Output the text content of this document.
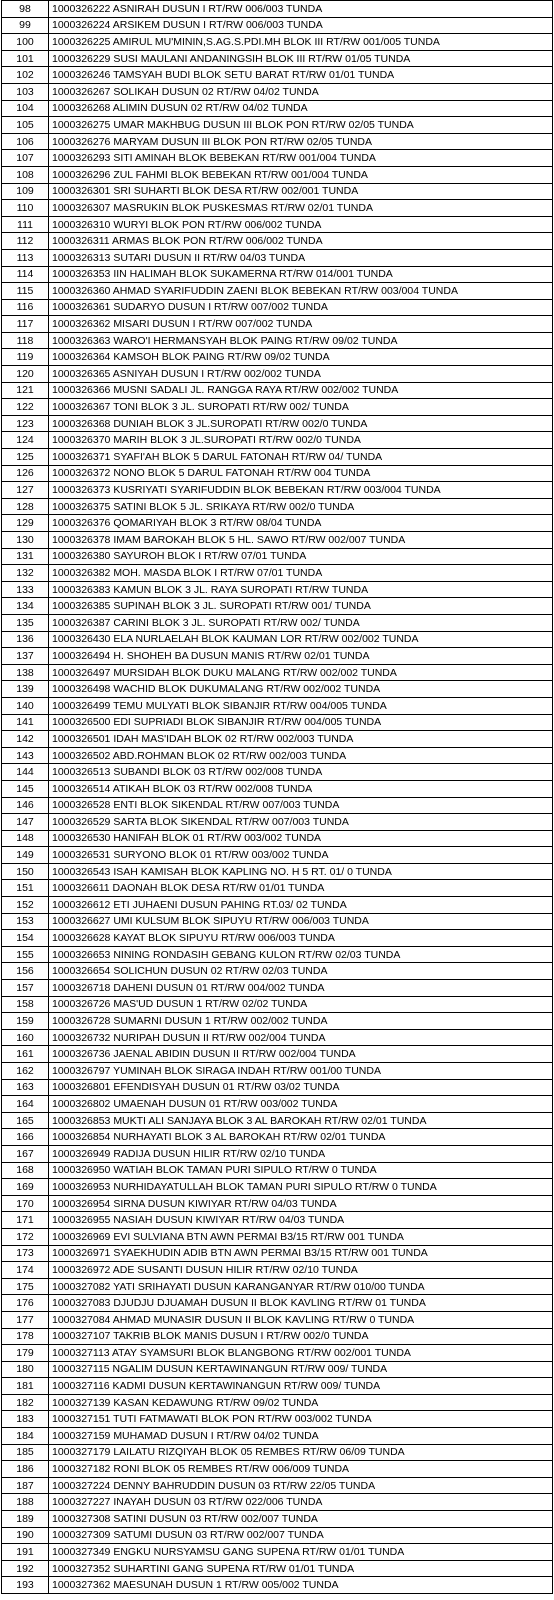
98	1000326222 ASNIRAH DUSUN I RT/RW 006/003 TUNDA
99	1000326224 ARSIKEM DUSUN I RT/RW 006/003 TUNDA
100	1000326225 AMIRUL MU'MININ,S.AG.S.PDI.MH BLOK III RT/RW 001/005 TUNDA
101	1000326229 SUSI MAULANI ANDANINGSIH BLOK III RT/RW 01/05 TUNDA
102	1000326246 TAMSYAH BUDI BLOK SETU BARAT RT/RW 01/01 TUNDA
103	1000326267 SOLIKAH DUSUN 02 RT/RW 04/02 TUNDA
104	1000326268 ALIMIN DUSUN 02 RT/RW 04/02 TUNDA
105	1000326275 UMAR MAKHBUG DUSUN III BLOK PON RT/RW 02/05 TUNDA
106	1000326276 MARYAM DUSUN III BLOK PON RT/RW 02/05 TUNDA
107	1000326293 SITI AMINAH BLOK BEBEKAN RT/RW 001/004 TUNDA
108	1000326296 ZUL FAHMI BLOK BEBEKAN RT/RW 001/004 TUNDA
109	1000326301 SRI SUHARTI BLOK DESA RT/RW 002/001 TUNDA
110	1000326307 MASRUKIN BLOK PUSKESMAS RT/RW 02/01 TUNDA
111	1000326310 WURYI BLOK PON RT/RW 006/002 TUNDA
112	1000326311 ARMAS BLOK PON RT/RW 006/002 TUNDA
113	1000326313 SUTARI DUSUN II RT/RW 04/03 TUNDA
114	1000326353 IIN HALIMAH BLOK SUKAMERNA RT/RW 014/001 TUNDA
115	1000326360 AHMAD SYARIFUDDIN ZAENI BLOK BEBEKAN RT/RW 003/004 TUNDA
116	1000326361 SUDARYO DUSUN I RT/RW 007/002 TUNDA
117	1000326362 MISARI DUSUN I RT/RW 007/002 TUNDA
118	1000326363 WARO'I HERMANSYAH BLOK PAING RT/RW 09/02 TUNDA
119	1000326364 KAMSOH BLOK PAING RT/RW 09/02 TUNDA
120	1000326365 ASNIYAH DUSUN I RT/RW 002/002 TUNDA
121	1000326366 MUSNI SADALI JL. RANGGA RAYA RT/RW 002/002 TUNDA
122	1000326367 TONI BLOK 3 JL. SUROPATI RT/RW 002/ TUNDA
123	1000326368 DUNIAH BLOK 3 JL.SUROPATI RT/RW 002/0 TUNDA
124	1000326370 MARIH BLOK 3 JL.SUROPATI RT/RW 002/0 TUNDA
125	1000326371 SYAFI'AH BLOK 5 DARUL FATONAH RT/RW 04/ TUNDA
126	1000326372 NONO BLOK 5 DARUL FATONAH RT/RW 004 TUNDA
127	1000326373 KUSRIYATI SYARIFUDDIN BLOK BEBEKAN RT/RW 003/004 TUNDA
128	1000326375 SATINI BLOK 5 JL. SRIKAYA RT/RW 002/0 TUNDA
129	1000326376 QOMARIYAH BLOK 3 RT/RW 08/04 TUNDA
130	1000326378 IMAM BAROKAH BLOK 5 HL. SAWO RT/RW 002/007 TUNDA
131	1000326380 SAYUROH BLOK I RT/RW 07/01 TUNDA
132	1000326382 MOH. MASDA BLOK I RT/RW 07/01 TUNDA
133	1000326383 KAMUN BLOK 3 JL. RAYA SUROPATI RT/RW TUNDA
134	1000326385 SUPINAH BLOK 3 JL. SUROPATI RT/RW 001/ TUNDA
135	1000326387 CARINI BLOK 3 JL. SUROPATI RT/RW 002/ TUNDA
136	1000326430 ELA NURLAELAH BLOK KAUMAN LOR RT/RW 002/002 TUNDA
137	1000326494 H. SHOHEH BA DUSUN MANIS RT/RW 02/01 TUNDA
138	1000326497 MURSIDAH BLOK DUKU MALANG RT/RW 002/002 TUNDA
139	1000326498 WACHID BLOK DUKUMALANG RT/RW 002/002 TUNDA
140	1000326499 TEMU MULYATI BLOK SIBANJIR RT/RW 004/005 TUNDA
141	1000326500 EDI SUPRIADI BLOK SIBANJIR RT/RW 004/005 TUNDA
142	1000326501 IDAH MAS'IDAH BLOK 02 RT/RW 002/003 TUNDA
143	1000326502 ABD.ROHMAN BLOK 02 RT/RW 002/003 TUNDA
144	1000326513 SUBANDI BLOK 03 RT/RW 002/008 TUNDA
145	1000326514 ATIKAH BLOK 03 RT/RW 002/008 TUNDA
146	1000326528 ENTI BLOK SIKENDAL RT/RW 007/003 TUNDA
147	1000326529 SARTA BLOK SIKENDAL RT/RW 007/003 TUNDA
148	1000326530 HANIFAH BLOK 01 RT/RW 003/002 TUNDA
149	1000326531 SURYONO BLOK 01 RT/RW 003/002 TUNDA
150	1000326543 ISAH KAMISAH BLOK KAPLING NO. H 5 RT. 01/ 0 TUNDA
151	1000326611 DAONAH BLOK DESA RT/RW 01/01 TUNDA
152	1000326612 ETI JUHAENI DUSUN PAHING RT.03/ 02 TUNDA
153	1000326627 UMI KULSUM BLOK SIPUYU RT/RW 006/003 TUNDA
154	1000326628 KAYAT BLOK SIPUYU RT/RW 006/003 TUNDA
155	1000326653 NINING RONDASIH GEBANG KULON RT/RW 02/03 TUNDA
156	1000326654 SOLICHUN DUSUN 02 RT/RW 02/03 TUNDA
157	1000326718 DAHENI DUSUN 01 RT/RW 004/002 TUNDA
158	1000326726 MAS'UD DUSUN 1 RT/RW 02/02 TUNDA
159	1000326728 SUMARNI DUSUN 1 RT/RW 002/002 TUNDA
160	1000326732 NURIPAH DUSUN II RT/RW 002/004 TUNDA
161	1000326736 JAENAL ABIDIN DUSUN II RT/RW 002/004 TUNDA
162	1000326797 YUMINAH BLOK SIRAGA INDAH RT/RW 001/00 TUNDA
163	1000326801 EFENDISYAH DUSUN 01 RT/RW 03/02 TUNDA
164	1000326802 UMAENAH DUSUN 01 RT/RW 003/002 TUNDA
165	1000326853 MUKTI ALI SANJAYA BLOK 3 AL BAROKAH RT/RW 02/01 TUNDA
166	1000326854 NURHAYATI BLOK 3 AL BAROKAH RT/RW 02/01 TUNDA
167	1000326949 RADIJA DUSUN HILIR RT/RW 02/10 TUNDA
168	1000326950 WATIAH BLOK TAMAN PURI SIPULO RT/RW 0 TUNDA
169	1000326953 NURHIDAYATULLAH BLOK TAMAN PURI SIPULO RT/RW 0 TUNDA
170	1000326954 SIRNA DUSUN KIWIYAR RT/RW 04/03 TUNDA
171	1000326955 NASIAH DUSUN KIWIYAR RT/RW 04/03 TUNDA
172	1000326969 EVI SULVIANA BTN AWN PERMAI B3/15 RT/RW 001 TUNDA
173	1000326971 SYAEKHUDIN ADIB BTN AWN PERMAI B3/15 RT/RW 001 TUNDA
174	1000326972 ADE SUSANTI DUSUN HILIR RT/RW 02/10 TUNDA
175	1000327082 YATI SRIHAYATI DUSUN KARANGANYAR RT/RW 010/00 TUNDA
176	1000327083 DJUDJU DJUAMAH DUSUN II BLOK KAVLING RT/RW 01 TUNDA
177	1000327084 AHMAD MUNASIR DUSUN II BLOK KAVLING RT/RW 0 TUNDA
178	1000327107 TAKRIB BLOK MANIS DUSUN I RT/RW 002/0 TUNDA
179	1000327113 ATAY SYAMSURI BLOK BLANGBONG RT/RW 002/001 TUNDA
180	1000327115 NGALIM DUSUN KERTAWINANGUN RT/RW 009/ TUNDA
181	1000327116 KADMI DUSUN KERTAWINANGUN RT/RW 009/ TUNDA
182	1000327139 KASAN KEDAWUNG RT/RW 09/02 TUNDA
183	1000327151 TUTI FATMAWATI BLOK PON RT/RW 003/002 TUNDA
184	1000327159 MUHAMAD DUSUN I RT/RW 04/02 TUNDA
185	1000327179 LAILATU RIZQIYAH BLOK 05 REMBES RT/RW 06/09 TUNDA
186	1000327182 RONI BLOK 05 REMBES RT/RW 006/009 TUNDA
187	1000327224 DENNY BAHRUDDIN DUSUN 03 RT/RW 22/05 TUNDA
188	1000327227 INAYAH DUSUN 03 RT/RW 022/006 TUNDA
189	1000327308 SATINI DUSUN 03 RT/RW 002/007 TUNDA
190	1000327309 SATUMI DUSUN 03 RT/RW 002/007 TUNDA
191	1000327349 ENGKU NURSYAMSU GANG SUPENA RT/RW 01/01 TUNDA
192	1000327352 SUHARTINI GANG SUPENA RT/RW 01/01 TUNDA
193	1000327362 MAESUNAH DUSUN 1 RT/RW 005/002 TUNDA
